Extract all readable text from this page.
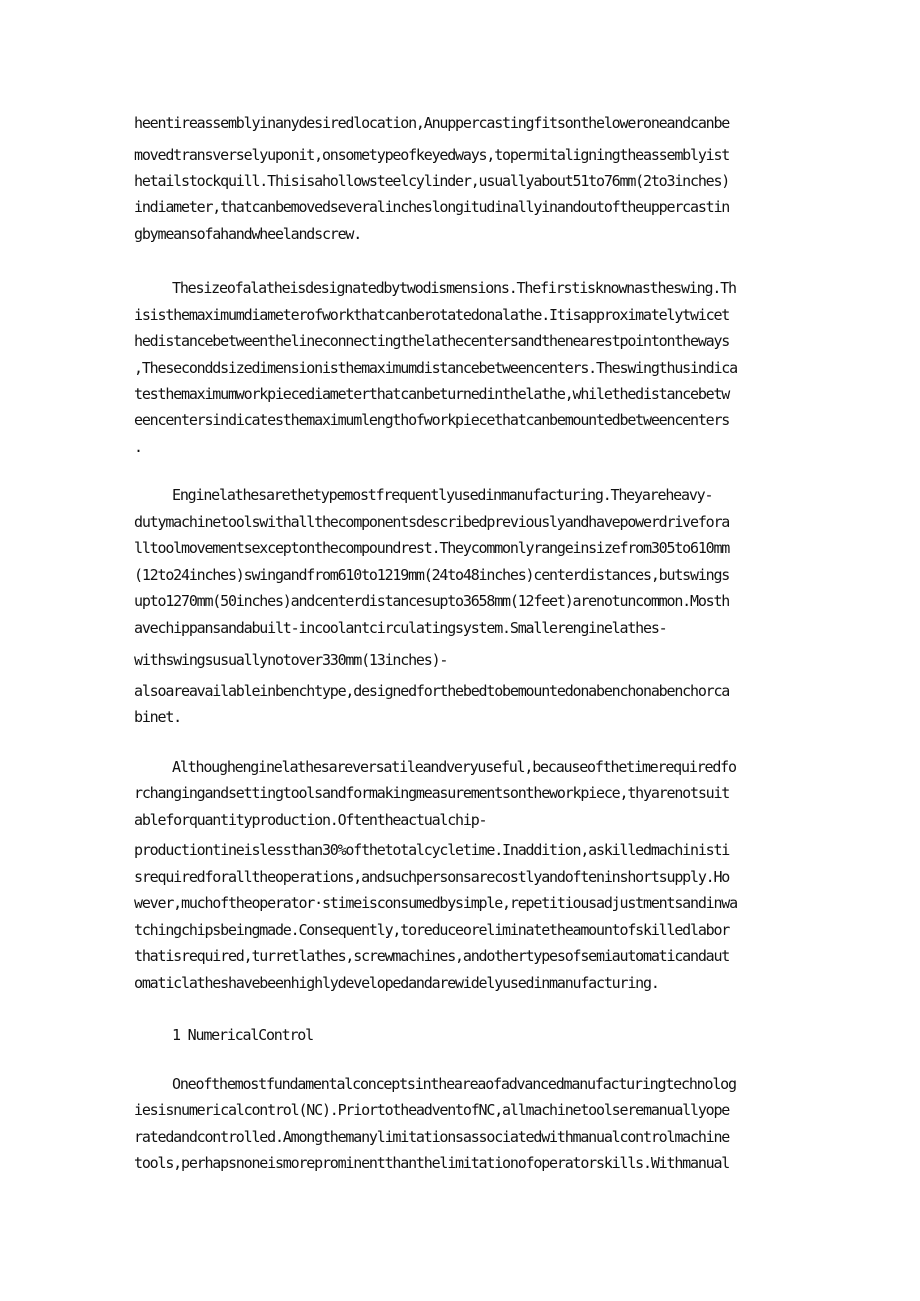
heentireassemblyinanydesiredlocation,Anuppercastingfitsontheloweroneandcanbe
movedtransverselyuponit,onsometypeofkeyedways,topermitaligningtheassemblyist
hetailstockquill.Thisisahollowsteelcylinder,usuallyabout51to76mm(2to3inches)
indiameter,thatcanbemovedseveralincheslongitudinallyinandoutoftheuppercastin
gbymeansofahandwheelandscrew.
Thesizeofalatheisdesignatedbytwodismensions.Thefirstisknownastheswing.Th
isisthemaximumdiameterofworkthatcanberotatedonalathe.Itisapproximatelytwicet
hedistancebetweenthelineconnectingthelathecentersandthenearestpointontheways
,Theseconddsizedimensionisthemaximumdistancebetweencenters.Theswingthusindica
testhemaximumworkpiecediameterthatcanbeturnedinthelathe,whilethedistancebetw
eencentersindicatesthemaximumlengthofworkpiecethatcanbemountedbetweencenters
.
Enginelathesarethetypemostfrequentlyusedinmanufacturing.Theyareheavy-
dutymachinetoolswithallthecomponentsdescribedpreviouslyandhavepowerdrivefora
lltoolmovementsexceptonthecompoundrest.Theycommonlyrangeinsizefrom305to610mm
(12to24inches)swingandfrom610to1219mm(24to48inches)centerdistances,butswings
upto1270mm(50inches)andcenterdistancesupto3658mm(12feet)arenotuncommon.Mosth
avechippansandabuilt-incoolantcirculatingsystem.Smallerenginelathes-
withswingsusuallynotover330mm(13inches)-
alsoareavailableinbenchtype,designedforthebedtobemountedonabenchonabenchorca
binet.
Althoughenginelathesareversatileandveryuseful,becauseofthetimerequiredfo
rchangingandsettingtoolsandformakingmeasurementsontheworkpiece,thyarenotsuit
ableforquantityproduction.Oftentheactualchip-
productiontineislessthan30%ofthetotalcycletime.Inaddition,askilledmachinisti
srequiredforalltheoperations,andsuchpersonsarecostlyandofteninshortsupply.Ho
wever,muchoftheoperator·stimeisconsumedbysimple,repetitiousadjustmentsandinwa
tchingchipsbeingmade.Consequently,toreduceoreliminatetheamountofskilledlabor
thatisrequired,turretlathes,screwmachines,andothertypesofsemiautomaticandaut
omaticlatheshavebeenhighlydevelopedandarewidelyusedinmanufacturing.
1 NumericalControl
Oneofthemostfundamentalconceptsintheareaofadvancedmanufacturingtechnolog
iesisnumericalcontrol(NC).PriortotheadventofNC,allmachinetoolseremanuallyope
ratedandcontrolled.Amongthemanylimitationsassociatedwithmanualcontrolmachine
tools,perhapsnoneismoreprominentthanthelimitationofoperatorskills.Withmanual
